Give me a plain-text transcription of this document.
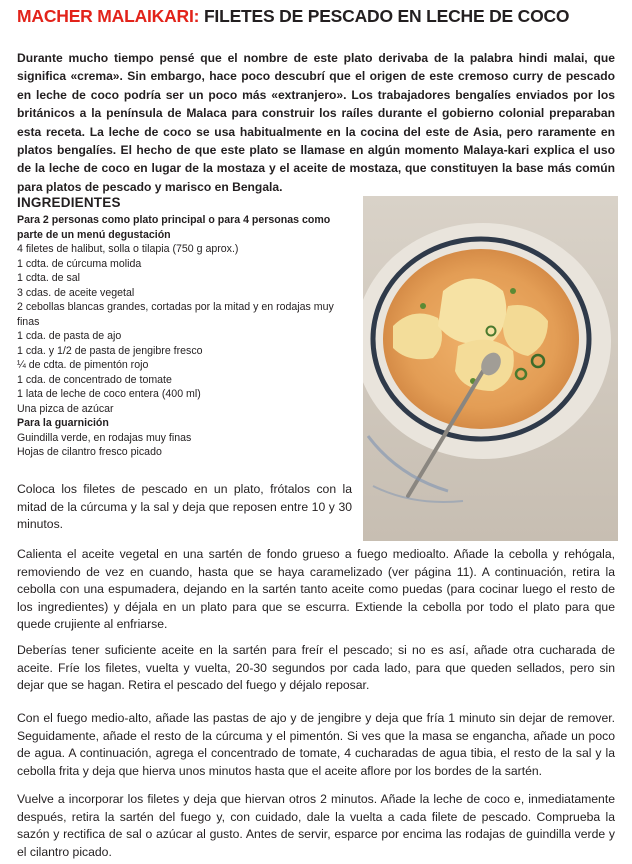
MACHER MALAIKARI: FILETES DE PESCADO EN LECHE DE COCO

Durante mucho tiempo pensé que el nombre de este plato derivaba de la palabra hindi malai, que significa «crema». Sin embargo, hace poco descubrí que el origen de este cremoso curry de pescado en leche de coco podría ser un poco más «extranjero». Los trabajadores bengalíes enviados por los británicos a la península de Malaca para construir los raíles durante el gobierno colonial preparaban esta receta. La leche de coco se usa habitualmente en la cocina del este de Asia, pero raramente en platos bengalíes. El hecho de que este plato se llamase en algún momento Malaya-kari explica el uso de la leche de coco en lugar de la mostaza y el aceite de mostaza, que constituyen la base más común para platos de pescado y marisco en Bengala.

INGREDIENTES
Para 2 personas como plato principal o para 4 personas como parte de un menú degustación
4 filetes de halibut, solla o tilapia (750 g aprox.)
1 cdta. de cúrcuma molida
1 cdta. de sal
3 cdas. de aceite vegetal
2 cebollas blancas grandes, cortadas por la mitad y en rodajas muy finas
1 cda. de pasta de ajo
1 cda. y 1/2 de pasta de jengibre fresco
¼ de cdta. de pimentón rojo
1 cda. de concentrado de tomate
1 lata de leche de coco entera (400 ml)
Una pizca de azúcar
Para la guarnición
Guindilla verde, en rodajas muy finas
Hojas de cilantro fresco picado

Coloca los filetes de pescado en un plato, frótalos con la mitad de la cúrcuma y la sal y deja que reposen entre 10 y 30 minutos.

Calienta el aceite vegetal en una sartén de fondo grueso a fuego medioalto. Añade la cebolla y rehógala, removiendo de vez en cuando, hasta que se haya caramelizado (ver página 11). A continuación, retira la cebolla con una espumadera, dejando en la sartén tanto aceite como puedas (para cocinar luego el resto de los ingredientes) y déjala en un plato para que se escurra. Extiende la cebolla por todo el plato para que quede crujiente al enfriarse.

Deberías tener suficiente aceite en la sartén para freír el pescado; si no es así, añade otra cucharada de aceite. Fríe los filetes, vuelta y vuelta, 20-30 segundos por cada lado, para que queden sellados, pero sin dejar que se hagan. Retira el pescado del fuego y déjalo reposar.

Con el fuego medio-alto, añade las pastas de ajo y de jengibre y deja que fría 1 minuto sin dejar de remover. Seguidamente, añade el resto de la cúrcuma y el pimentón. Si ves que la masa se engancha, añade un poco de agua. A continuación, agrega el concentrado de tomate, 4 cucharadas de agua tibia, el resto de la sal y la cebolla frita y deja que hierva unos minutos hasta que el aceite aflore por los bordes de la sartén.

Vuelve a incorporar los filetes y deja que hiervan otros 2 minutos. Añade la leche de coco e, inmediatamente después, retira la sartén del fuego y, con cuidado, dale la vuelta a cada filete de pescado. Comprueba la sazón y rectifica de sal o azúcar al gusto. Antes de servir, esparce por encima las rodajas de guindilla verde y el cilantro picado.
